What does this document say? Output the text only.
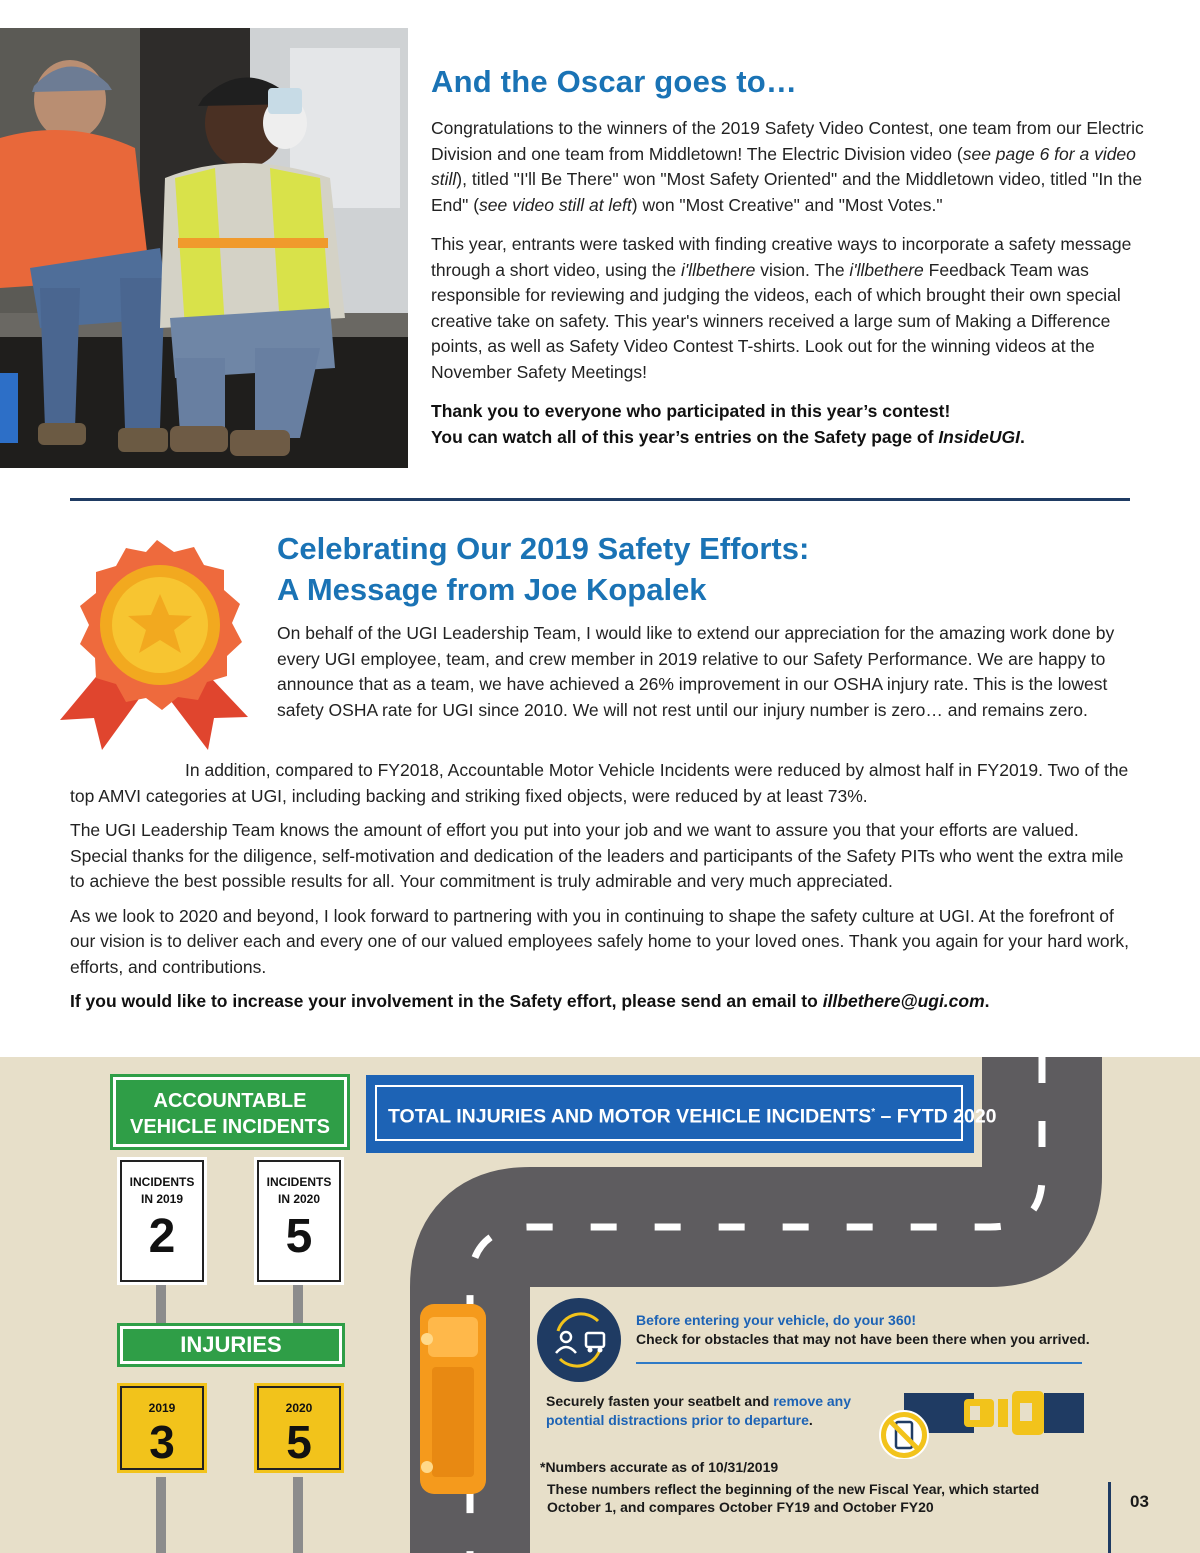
And the Oscar goes to…

Congratulations to the winners of the 2019 Safety Video Contest, one team from our Electric Division and one team from Middletown! The Electric Division video (see page 6 for a video still), titled "I'll Be There" won "Most Safety Oriented" and the Middletown video, titled "In the End" (see video still at left) won "Most Creative" and "Most Votes."

This year, entrants were tasked with finding creative ways to incorporate a safety message through a short video, using the i'llbethere vision. The i'llbethere Feedback Team was responsible for reviewing and judging the videos, each of which brought their own special creative take on safety. This year's winners received a large sum of Making a Difference points, as well as Safety Video Contest T-shirts. Look out for the winning videos at the November Safety Meetings!

Thank you to everyone who participated in this year’s contest!
You can watch all of this year’s entries on the Safety page of InsideUGI.

Celebrating Our 2019 Safety Efforts:
A Message from Joe Kopalek

On behalf of the UGI Leadership Team, I would like to extend our appreciation for the amazing work done by every UGI employee, team, and crew member in 2019 relative to our Safety Performance. We are happy to announce that as a team, we have achieved a 26% improvement in our OSHA injury rate. This is the lowest safety OSHA rate for UGI since 2010. We will not rest until our injury number is zero… and remains zero.

In addition, compared to FY2018, Accountable Motor Vehicle Incidents were reduced by almost half in FY2019. Two of the top AMVI categories at UGI, including backing and striking fixed objects, were reduced by at least 73%.

The UGI Leadership Team knows the amount of effort you put into your job and we want to assure you that your efforts are valued. Special thanks for the diligence, self-motivation and dedication of the leaders and participants of the Safety PITs who went the extra mile to achieve the best possible results for all. Your commitment is truly admirable and very much appreciated.

As we look to 2020 and beyond, I look forward to partnering with you in continuing to shape the safety culture at UGI. At the forefront of our vision is to deliver each and every one of our valued employees safely home to your loved ones. Thank you again for your hard work, efforts, and contributions.

If you would like to increase your involvement in the Safety effort, please send an email to illbethere@ugi.com.

ACCOUNTABLE
VEHICLE INCIDENTS
INCIDENTS
IN 2019
2
INCIDENTS
IN 2020
5
INJURIES
2019
3
2020
5
TOTAL INJURIES AND MOTOR VEHICLE INCIDENTS* – FYTD 2020
Before entering your vehicle, do your 360!
Check for obstacles that may not have been there when you arrived.
Securely fasten your seatbelt and remove any potential distractions prior to departure.
*Numbers accurate as of 10/31/2019
These numbers reflect the beginning of the new Fiscal Year, which started October 1, and compares October FY19 and October FY20	03
